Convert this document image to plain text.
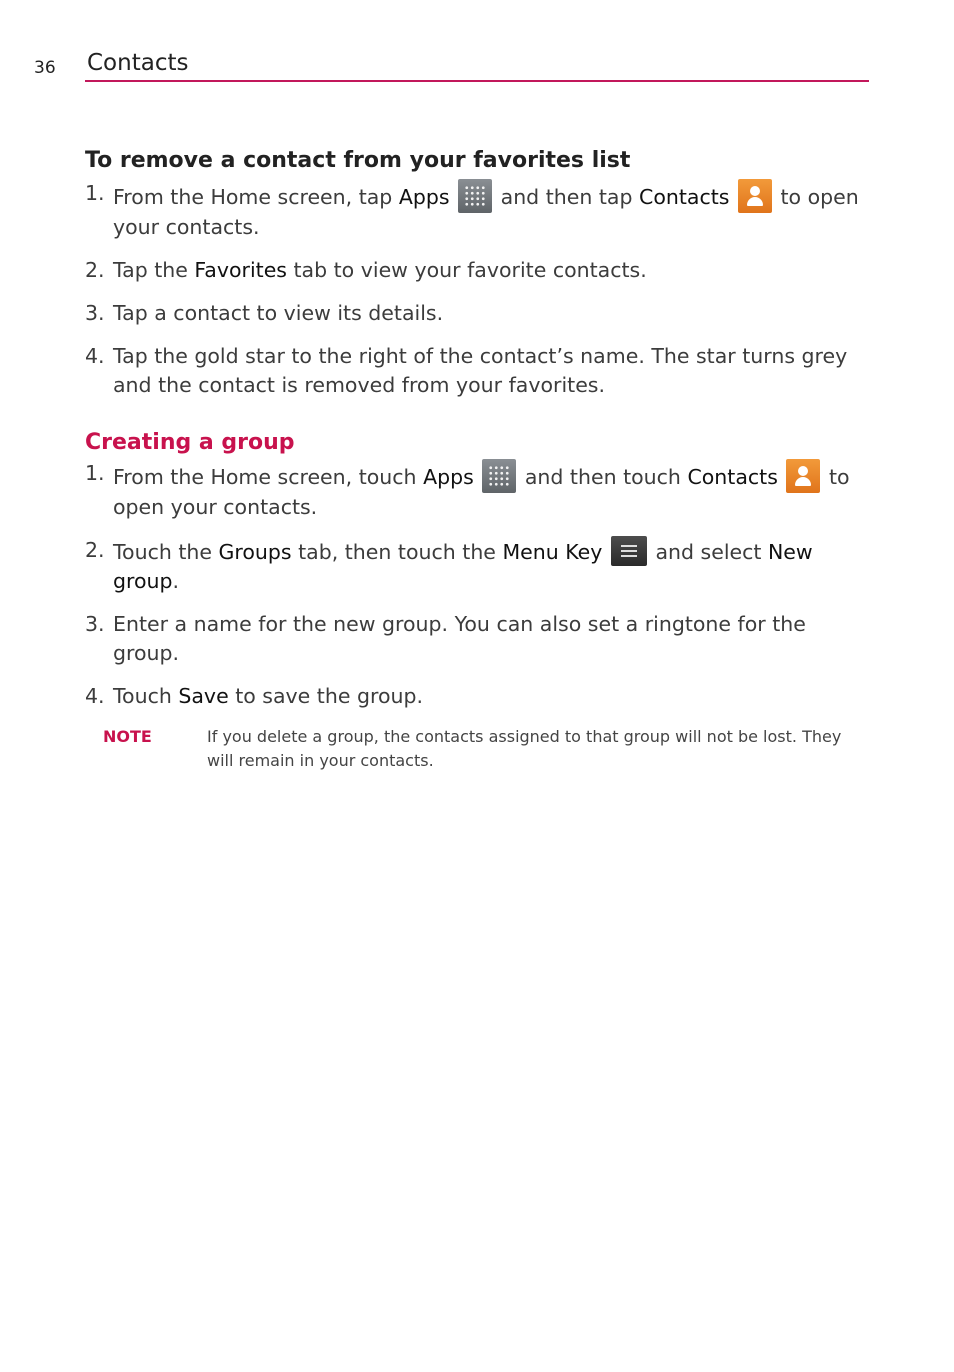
36 Contacts
To remove a contact from your favorites list
1. From the Home screen, tap Apps  and then tap Contacts  to open your contacts.
2. Tap the Favorites tab to view your favorite contacts.
3. Tap a contact to view its details.
4. Tap the gold star to the right of the contact’s name. The star turns grey and the contact is removed from your favorites.
Creating a group
1. From the Home screen, touch Apps  and then touch Contacts  to open your contacts.
2. Touch the Groups tab, then touch the Menu Key  and select New group.
3. Enter a name for the new group. You can also set a ringtone for the group.
4. Touch Save to save the group.
NOTE	If you delete a group, the contacts assigned to that group will not be lost. They will remain in your contacts.
